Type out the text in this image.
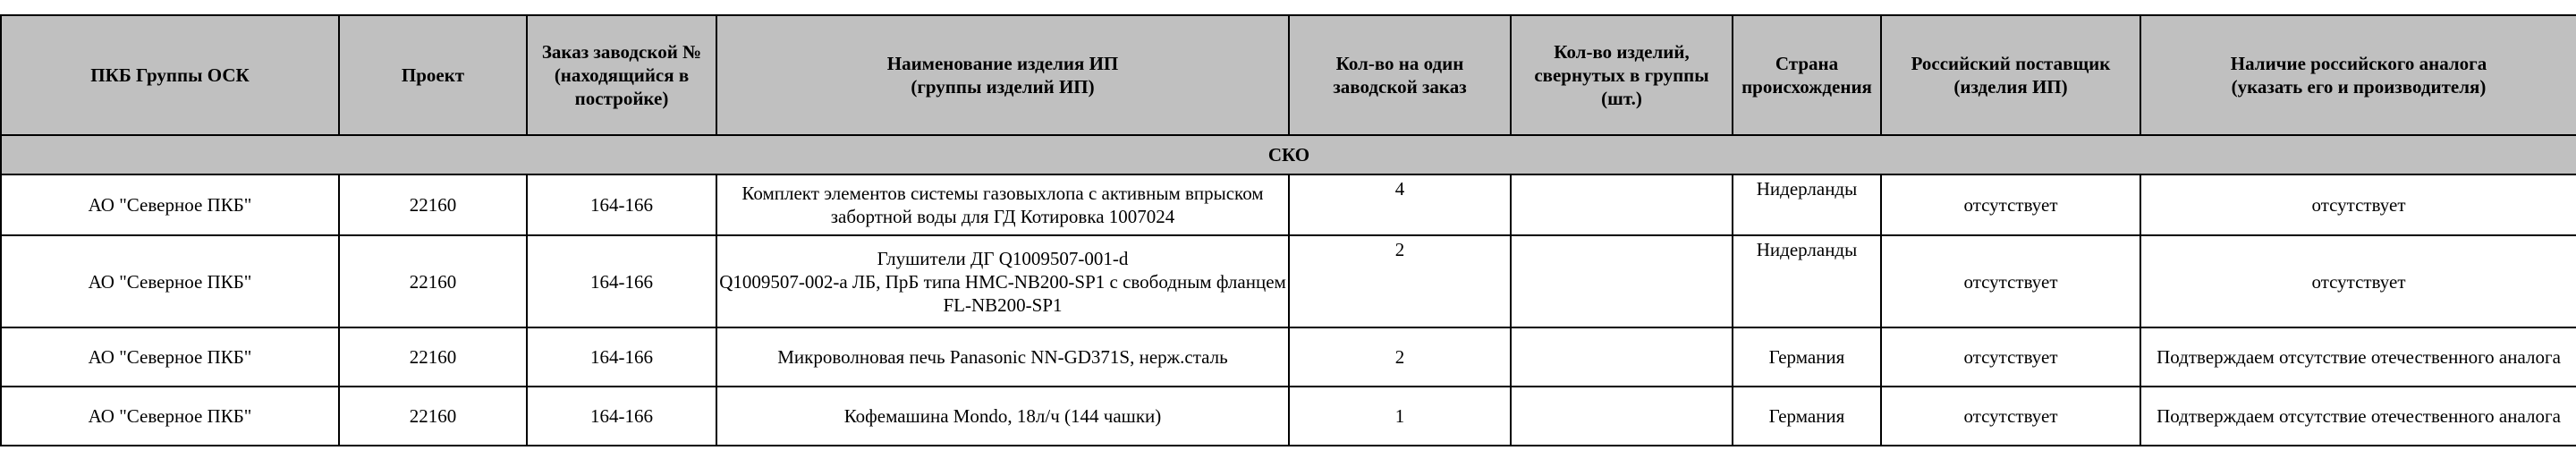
ПКБ Группы ОСК	Проект	Заказ заводской № (находящийся в постройке)	Наименование изделия ИП
(группы изделий ИП)	Кол-во на один заводской заказ	Кол-во изделий, свернутых в группы (шт.)	Страна происхождения	Российский поставщик (изделия ИП)	Наличие российского аналога
(указать его и производителя)
СКО								
АО "Северное ПКБ"	22160	164-166	Комплект элементов системы газовыхлопа с активным впрыском забортной воды для ГД Котировка 1007024	4		Нидерланды	отсутствует	отсутствует
АО "Северное ПКБ"	22160	164-166	Глушители ДГ Q1009507-001-d
Q1009507-002-а ЛБ, ПрБ типа HMC-NB200-SP1 с свободным фланцем FL-NB200-SP1	2		Нидерланды	отсутствует	отсутствует
АО "Северное ПКБ"	22160	164-166	Микроволновая печь Panasonic NN-GD371S, нерж.сталь	2		Германия	отсутствует	Подтверждаем отсутствие отечественного аналога
АО "Северное ПКБ"	22160	164-166	Кофемашина Mondo, 18л/ч (144 чашки)	1		Германия	отсутствует	Подтверждаем отсутствие отечественного аналога
